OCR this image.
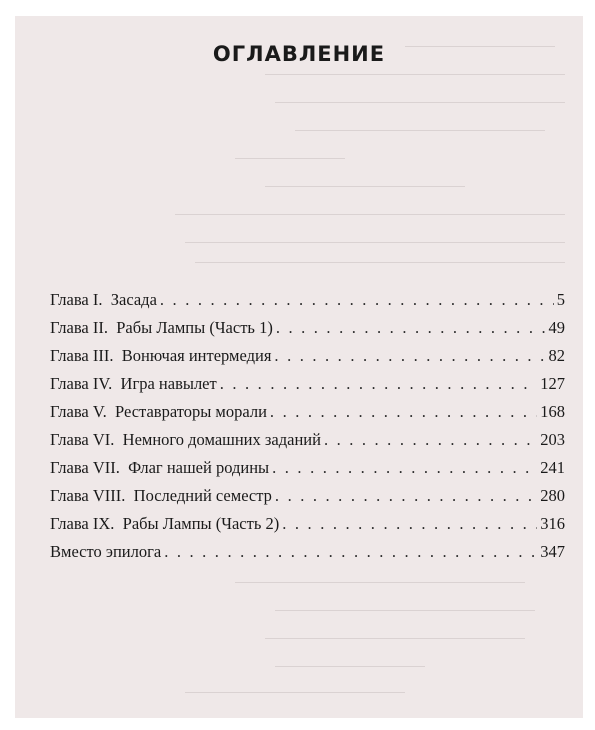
ОГЛАВЛЕНИЕ
Глава I.  Засада . . .	5
Глава II.  Рабы Лампы (Часть 1) . . .	49
Глава III.  Вонючая интермедия . . .	82
Глава IV.  Игра навылет . . .	127
Глава V.  Реставраторы морали . . .	168
Глава VI.  Немного домашних заданий . . .	203
Глава VII.  Флаг нашей родины . . .	241
Глава VIII.  Последний семестр . . .	280
Глава IX.  Рабы Лампы (Часть 2) . . .	316
Вместо эпилога . . .	347
